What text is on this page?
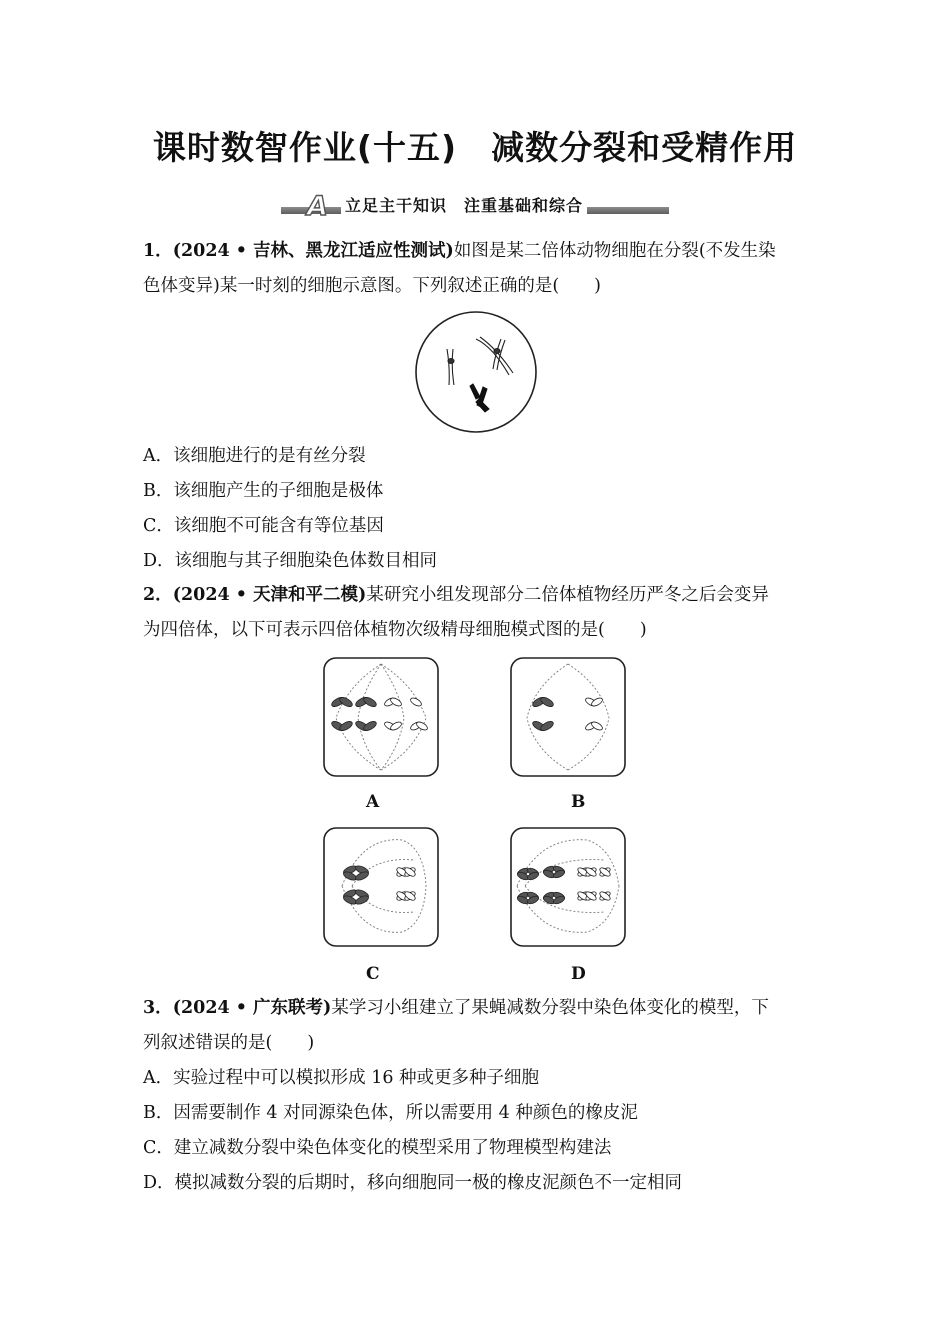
课时数智作业(十五)　减数分裂和受精作用
A 立足主干知识　注重基础和综合
1．(2024 • 吉林、黑龙江适应性测试)如图是某二倍体动物细胞在分裂(不发生染
色体变异)某一时刻的细胞示意图。下列叙述正确的是(　　)
A．该细胞进行的是有丝分裂
B．该细胞产生的子细胞是极体
C．该细胞不可能含有等位基因
D．该细胞与其子细胞染色体数目相同
2．(2024 • 天津和平二模)某研究小组发现部分二倍体植物经历严冬之后会变异
为四倍体，以下可表示四倍体植物次级精母细胞模式图的是(　　)
A	B
C	D
3．(2024 • 广东联考)某学习小组建立了果蝇减数分裂中染色体变化的模型，下
列叙述错误的是(　　)
A．实验过程中可以模拟形成 16 种或更多种子细胞
B．因需要制作 4 对同源染色体，所以需要用 4 种颜色的橡皮泥
C．建立减数分裂中染色体变化的模型采用了物理模型构建法
D．模拟减数分裂的后期时，移向细胞同一极的橡皮泥颜色不一定相同
